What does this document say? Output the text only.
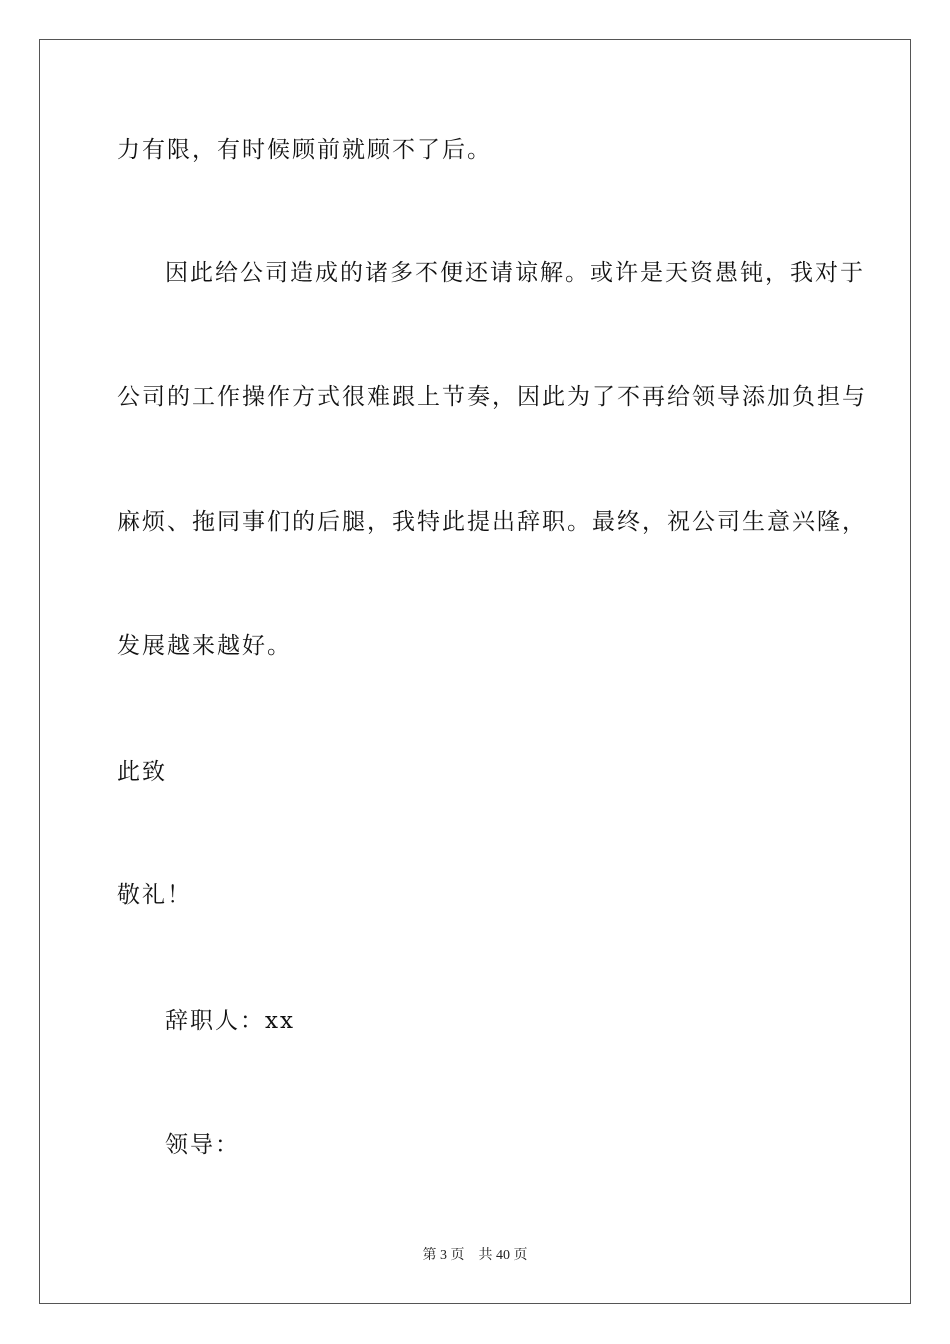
力有限，有时候顾前就顾不了后。
因此给公司造成的诸多不便还请谅解。或许是天资愚钝，我对于
公司的工作操作方式很难跟上节奏，因此为了不再给领导添加负担与
麻烦、拖同事们的后腿，我特此提出辞职。最终，祝公司生意兴隆，
发展越来越好。
此致
敬礼！
辞职人：xx
领导：
第 3 页    共 40 页
